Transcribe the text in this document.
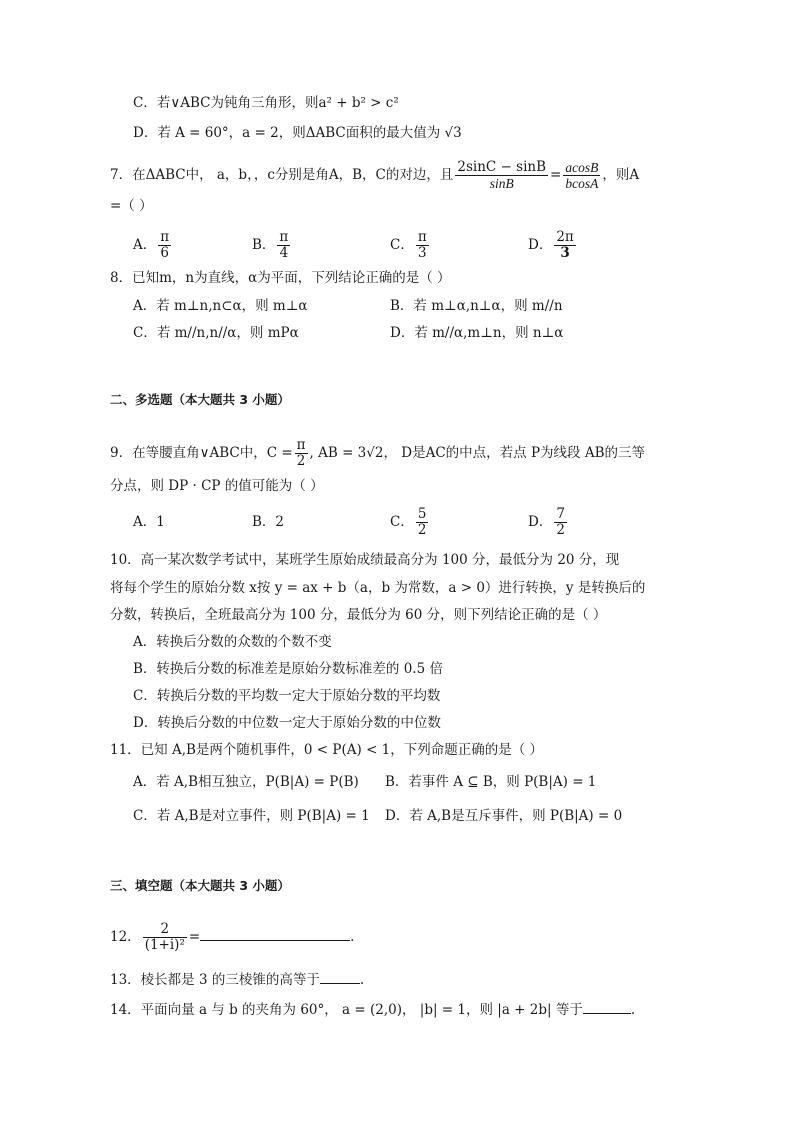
C．若∨ABC为钝角三角形，则a² + b² > c²
D．若 A = 60°，a = 2，则ΔABC面积的最大值为 √3
7．在ΔABC中， a，b，，c分别是角A，B，C的对边，且 $\frac{2\sin C - \sin B}{\sin B} = \frac{acosB}{bcosA}$ ，则A
=（ ）
A． $\frac{\pi}{6}$	B． $\frac{\pi}{4}$	C． $\frac{\pi}{3}$	D． $\frac{2\pi}{3}$
8．已知m，n为直线，α为平面，下列结论正确的是（ ）
A．若 m⊥n,n⊂α，则 m⊥α	B．若 m⊥α,n⊥α，则 m//n
C．若 m//n,n//α，则 mPα	D．若 m//α,m⊥n，则 n⊥α
二、多选题（本大题共 3 小题）
9．在等腰直角∨ABC中，$C = \frac{\pi}{2}$ , AB = 3√2， D是AC的中点，若点 P为线段 AB的三等
分点，则 DP · CP 的值可能为（ ）
A．1	B．2	C． $\frac{5}{2}$	D． $\frac{7}{2}$
10．高一某次数学考试中，某班学生原始成绩最高分为 100 分，最低分为 20 分，现
将每个学生的原始分数 x按 y = ax + b（a，b 为常数，a > 0）进行转换，y 是转换后的
分数，转换后，全班最高分为 100 分，最低分为 60 分，则下列结论正确的是（ ）
A．转换后分数的众数的个数不变
B．转换后分数的标准差是原始分数标准差的 0.5 倍
C．转换后分数的平均数一定大于原始分数的平均数
D．转换后分数的中位数一定大于原始分数的中位数
11．已知 A,B是两个随机事件，0 < P(A) < 1，下列命题正确的是（ ）
A．若 A,B相互独立，P(B|A) = P(B) B．若事件 A ⊆ B，则 P(B|A) = 1
C．若 A,B是对立事件，则 P(B|A) = 1 D．若 A,B是互斥事件，则 P(B|A) = 0
三、填空题（本大题共 3 小题）
12． $\frac{2}{\text{(1+i)²}}$ =	.
13．棱长都是 3 的三棱锥的高等于	.
14．平面向量 a 与 b 的夹角为 60°， a = (2,0)， |b| = 1，则 |a + 2b| 等于	.
